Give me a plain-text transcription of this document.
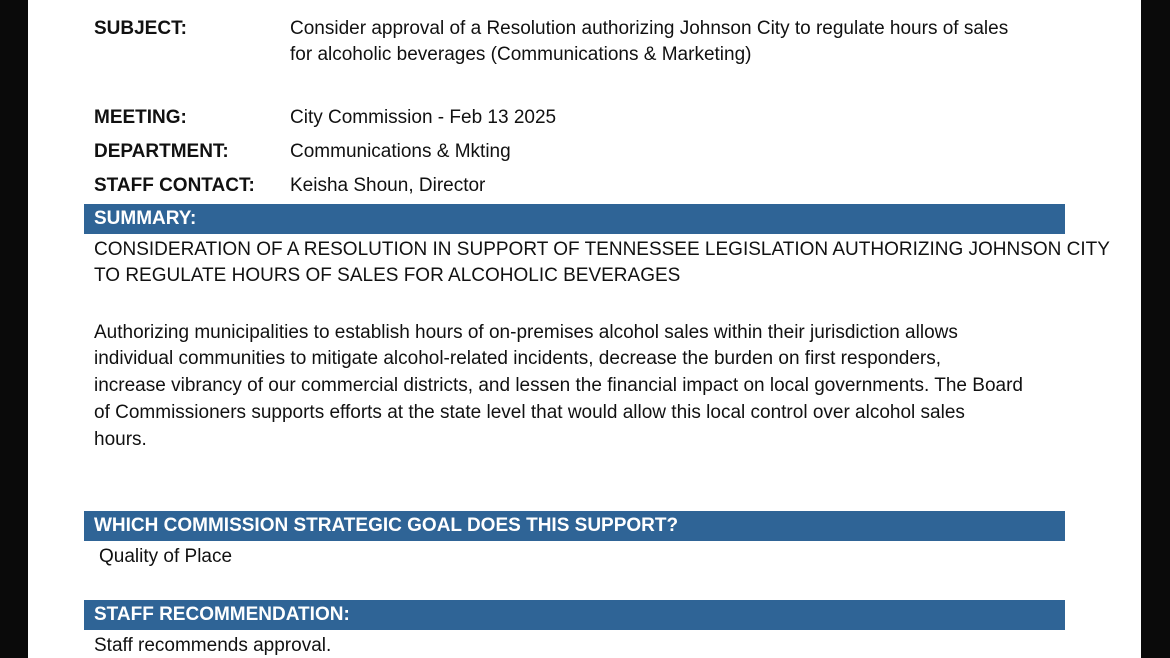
SUBJECT:	Consider approval of a Resolution authorizing Johnson City to regulate hours of sales
for alcoholic beverages (Communications & Marketing)
MEETING:	City Commission - Feb 13 2025
DEPARTMENT:	Communications & Mkting
STAFF CONTACT: Keisha Shoun, Director
SUMMARY:
CONSIDERATION OF A RESOLUTION IN SUPPORT OF TENNESSEE LEGISLATION AUTHORIZING JOHNSON CITY
TO REGULATE HOURS OF SALES FOR ALCOHOLIC BEVERAGES
Authorizing municipalities to establish hours of on-premises alcohol sales within their jurisdiction allows
individual communities to mitigate alcohol-related incidents, decrease the burden on first responders,
increase vibrancy of our commercial districts, and lessen the financial impact on local governments. The Board
of Commissioners supports efforts at the state level that would allow this local control over alcohol sales
hours.
WHICH COMMISSION STRATEGIC GOAL DOES THIS SUPPORT?
Quality of Place
STAFF RECOMMENDATION:
Staff recommends approval.
